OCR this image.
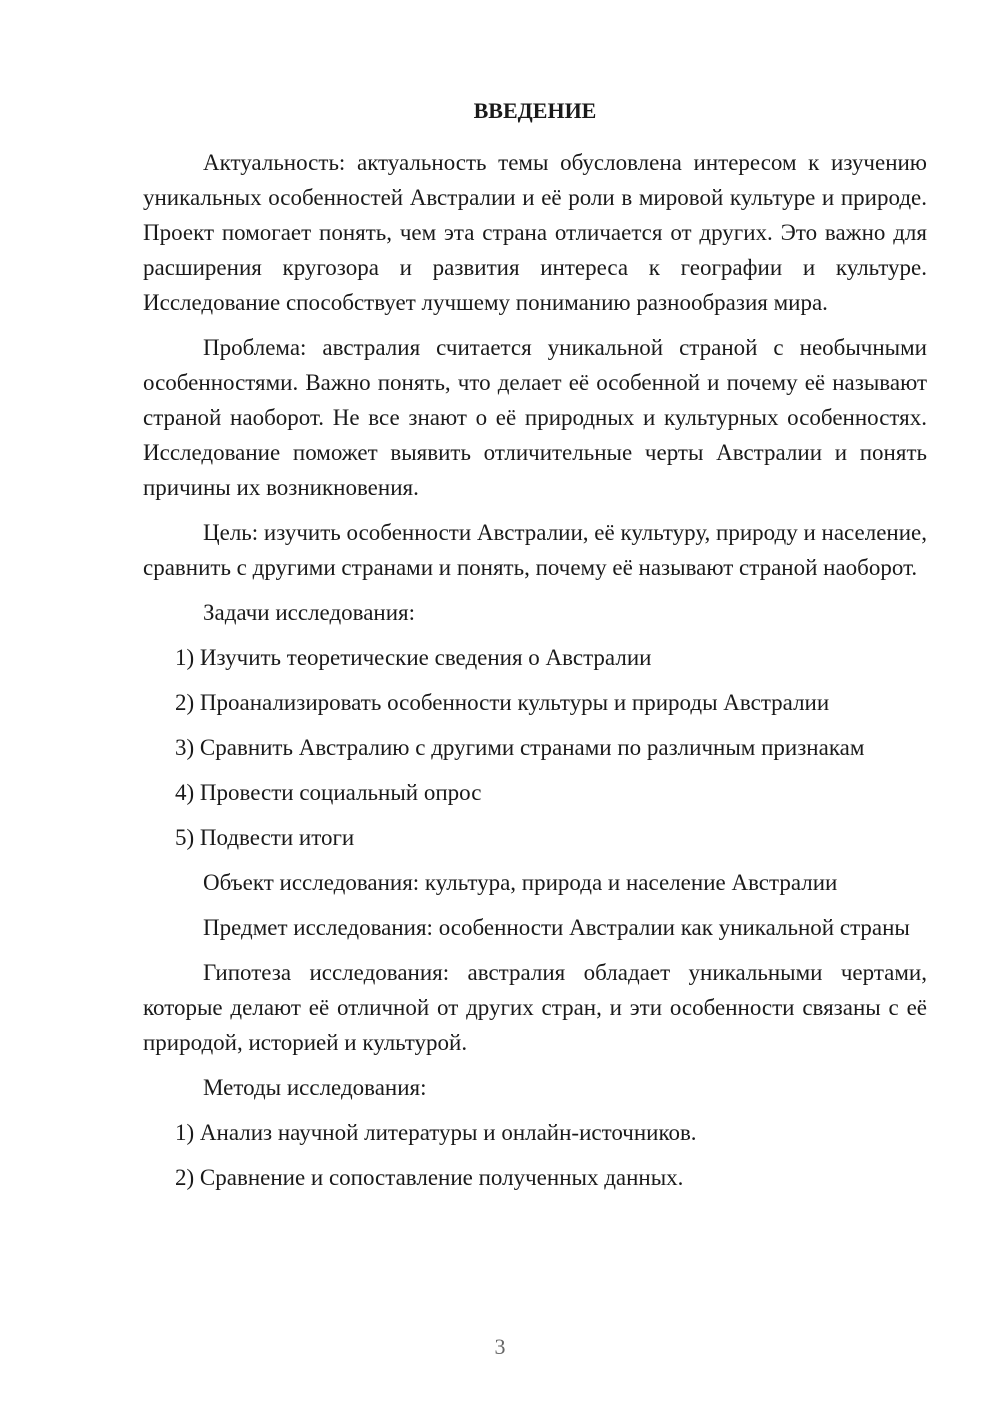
ВВЕДЕНИЕ

Актуальность: актуальность темы обусловлена интересом к изучению уникальных особенностей Австралии и её роли в мировой культуре и природе. Проект помогает понять, чем эта страна отличается от других. Это важно для расширения кругозора и развития интереса к географии и культуре. Исследование способствует лучшему пониманию разнообразия мира.

Проблема: австралия считается уникальной страной с необычными особенностями. Важно понять, что делает её особенной и почему её называют страной наоборот. Не все знают о её природных и культурных особенностях. Исследование поможет выявить отличительные черты Австралии и понять причины их возникновения.

Цель: изучить особенности Австралии, её культуру, природу и население, сравнить с другими странами и понять, почему её называют страной наоборот.

Задачи исследования:

1) Изучить теоретические сведения о Австралии
2) Проанализировать особенности культуры и природы Австралии
3) Сравнить Австралию с другими странами по различным признакам
4) Провести социальный опрос
5) Подвести итоги

Объект исследования: культура, природа и население Австралии

Предмет исследования: особенности Австралии как уникальной страны

Гипотеза исследования: австралия обладает уникальными чертами, которые делают её отличной от других стран, и эти особенности связаны с её природой, историей и культурой.

Методы исследования:

1) Анализ научной литературы и онлайн-источников.
2) Сравнение и сопоставление полученных данных.
3
